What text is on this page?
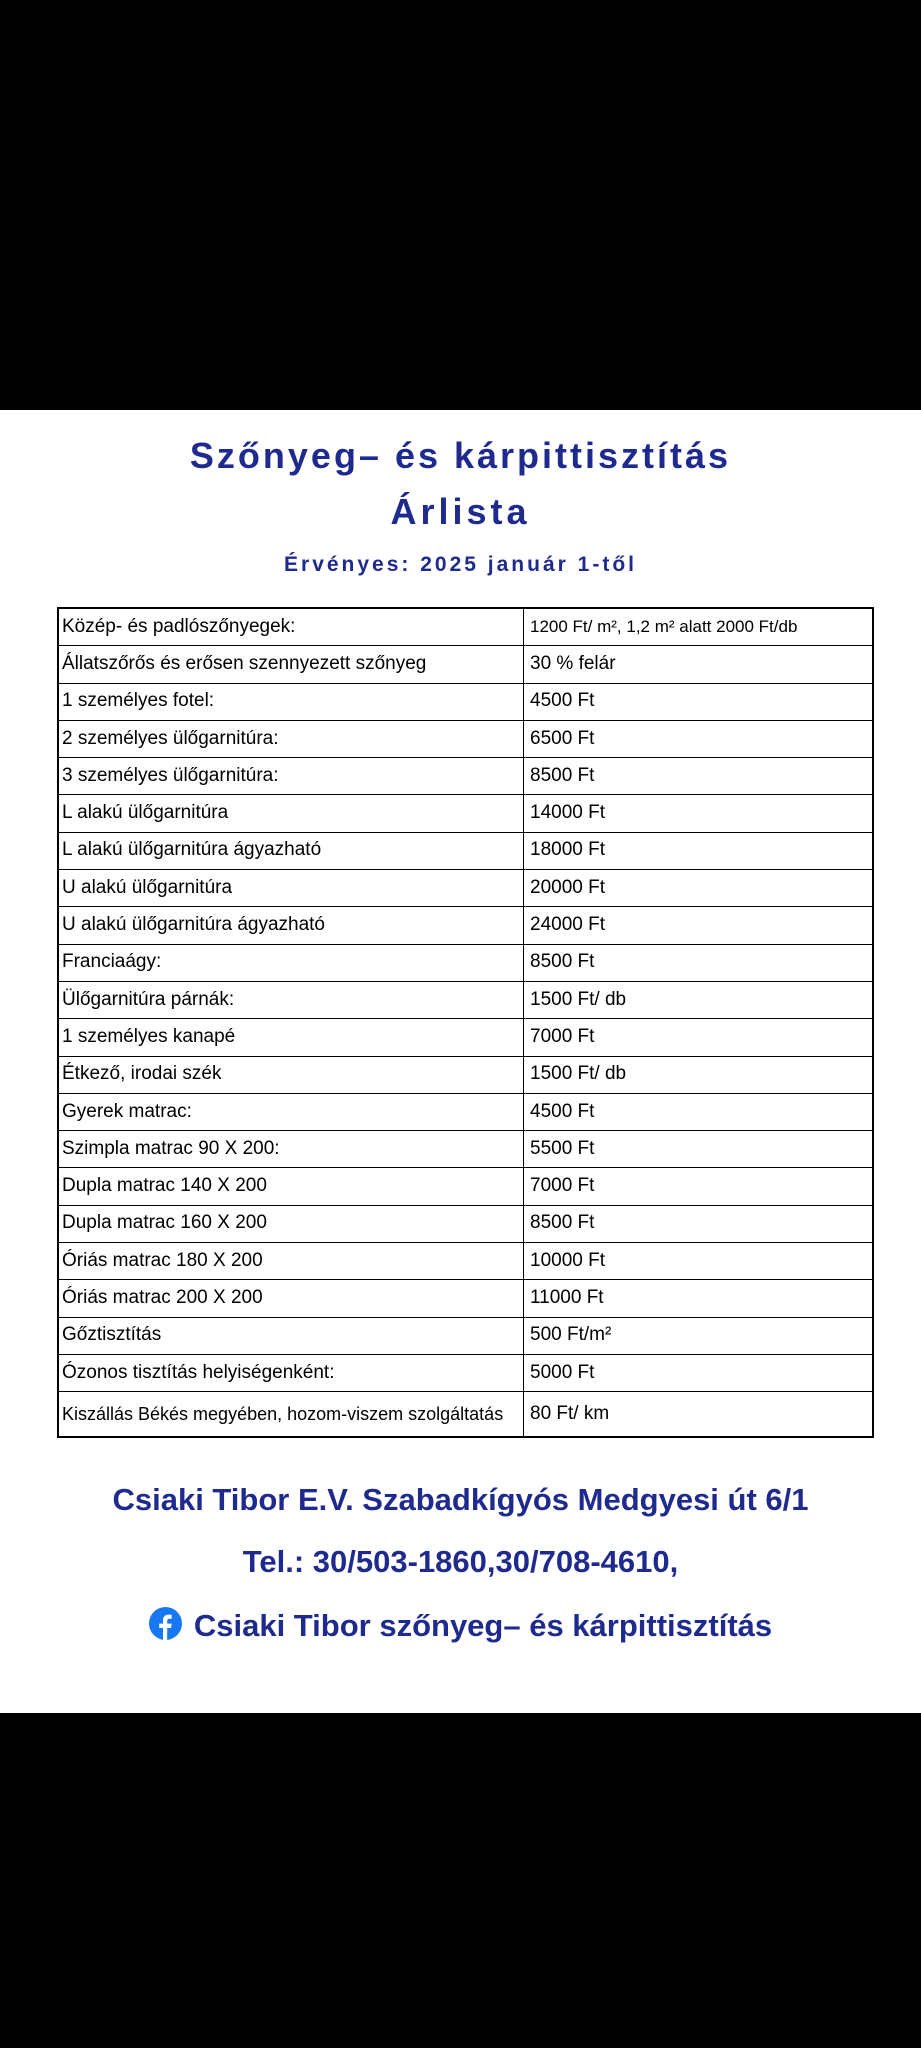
Szőnyeg– és kárpittisztítás
Árlista
Érvényes: 2025 január 1-től
Közép- és padlószőnyegek:	1200 Ft/ m², 1,2 m² alatt 2000 Ft/db
Állatszőrős és erősen szennyezett szőnyeg	30 % felár
1 személyes fotel:	4500 Ft
2 személyes ülőgarnitúra:	6500 Ft
3 személyes ülőgarnitúra:	8500 Ft
L alakú ülőgarnitúra	14000 Ft
L alakú ülőgarnitúra ágyazható	18000 Ft
U alakú ülőgarnitúra	20000 Ft
U alakú ülőgarnitúra ágyazható	24000 Ft
Franciaágy:	8500 Ft
Ülőgarnitúra párnák:	1500 Ft/ db
1 személyes kanapé	7000 Ft
Étkező, irodai szék	1500 Ft/ db
Gyerek matrac:	4500 Ft
Szimpla matrac 90 X 200:	5500 Ft
Dupla matrac 140 X 200	7000 Ft
Dupla matrac 160 X 200	8500 Ft
Óriás matrac 180 X 200	10000 Ft
Óriás matrac 200 X 200	11000 Ft
Gőztisztítás	500 Ft/m²
Ózonos tisztítás helyiségenként:	5000 Ft
Kiszállás Békés megyében, hozom-viszem szolgáltatás	80 Ft/ km

Csiaki Tibor E.V. Szabadkígyós Medgyesi út 6/1

Tel.: 30/503-1860,30/708-4610,

Csiaki Tibor szőnyeg– és kárpittisztítás
